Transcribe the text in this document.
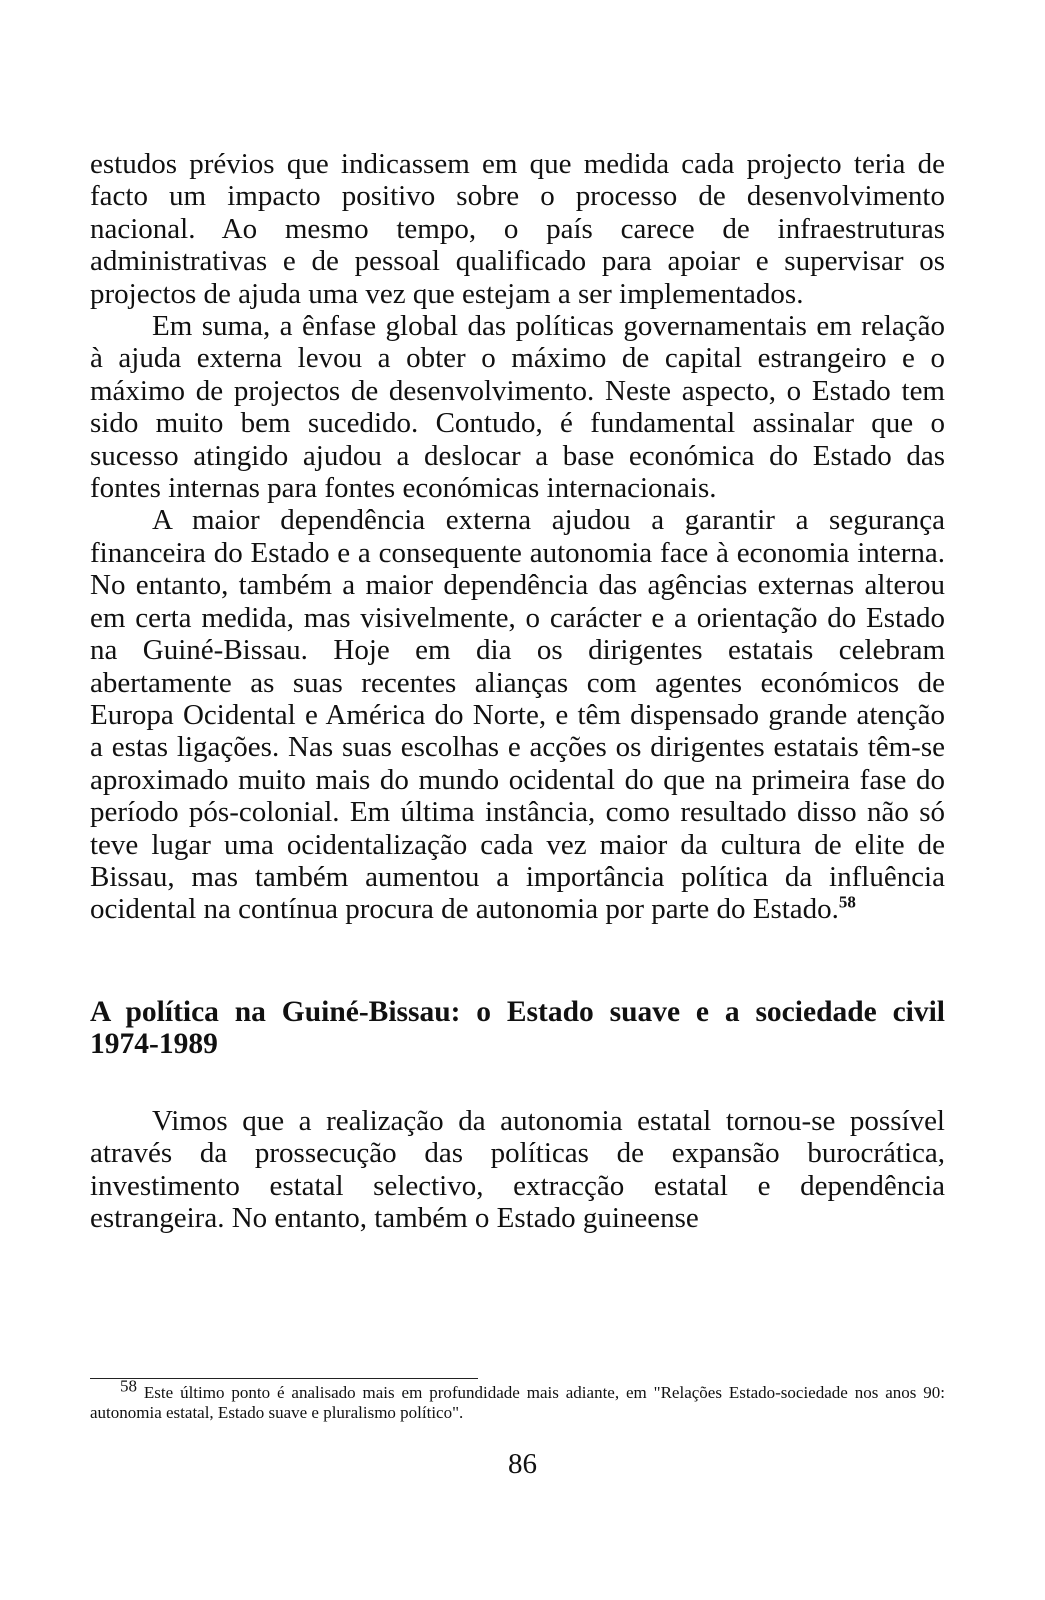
estudos prévios que indicassem em que medida cada projecto teria de facto um impacto positivo sobre o processo de desenvolvimento nacional. Ao mesmo tempo, o país carece de infraestruturas administrativas e de pessoal qualificado para apoiar e supervisar os projectos de ajuda uma vez que estejam a ser implementados.

Em suma, a ênfase global das políticas governamentais em relação à ajuda externa levou a obter o máximo de capital estrangeiro e o máximo de projectos de desenvolvimento. Neste aspecto, o Estado tem sido muito bem sucedido. Contudo, é fundamental assinalar que o sucesso atingido ajudou a deslocar a base económica do Estado das fontes internas para fontes económicas internacionais.

A maior dependência externa ajudou a garantir a segurança financeira do Estado e a consequente autonomia face à economia interna. No entanto, também a maior dependência das agências externas alterou em certa medida, mas visivelmente, o carácter e a orientação do Estado na Guiné-Bissau. Hoje em dia os dirigentes estatais celebram abertamente as suas recentes alianças com agentes económicos de Europa Ocidental e América do Norte, e têm dispensado grande atenção a estas ligações. Nas suas escolhas e acções os dirigentes estatais têm-se aproximado muito mais do mundo ocidental do que na primeira fase do período pós-colonial. Em última instância, como resultado disso não só teve lugar uma ocidentalização cada vez maior da cultura de elite de Bissau, mas também aumentou a importância política da influência ocidental na contínua procura de autonomia por parte do Estado.$^{58}$

A política na Guiné-Bissau: o Estado suave e a sociedade civil
1974-1989

Vimos que a realização da autonomia estatal tornou-se possível através da prossecução das políticas de expansão burocrática, investimento estatal selectivo, extracção estatal e dependência estrangeira. No entanto, também o Estado guineense

58 Este último ponto é analisado mais em profundidade mais adiante, em "Relações Estado-sociedade nos anos 90: autonomia estatal, Estado suave e pluralismo político".
86
